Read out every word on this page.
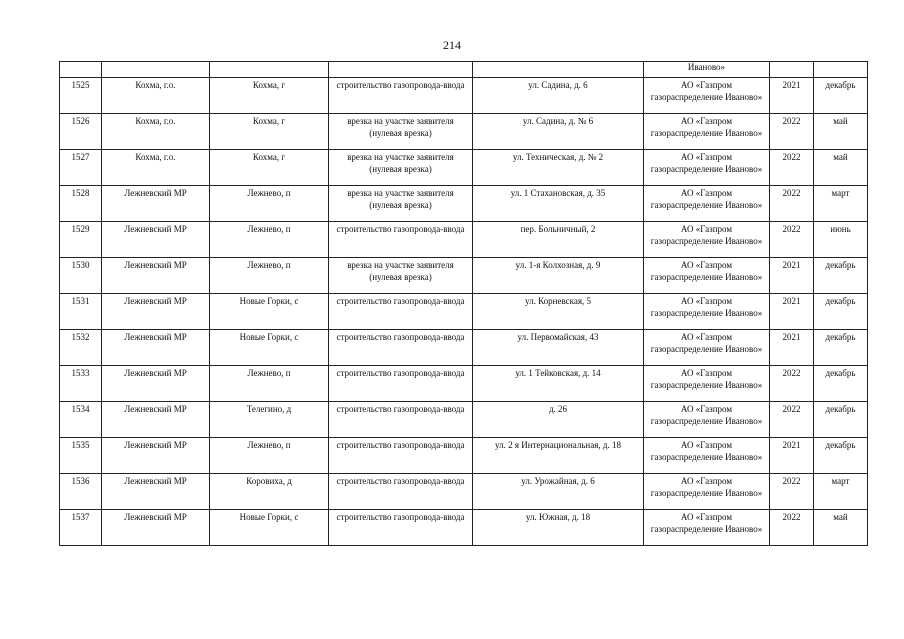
214
					Иваново»		
1525	Кохма, г.о.	Кохма, г	строительство газопровода-ввода	ул. Садина, д. 6	АО «Газпром газораспределение Иваново»	2021	декабрь
1526	Кохма, г.о.	Кохма, г	врезка на участке заявителя (нулевая врезка)	ул. Садина, д. № 6	АО «Газпром газораспределение Иваново»	2022	май
1527	Кохма, г.о.	Кохма, г	врезка на участке заявителя (нулевая врезка)	ул. Техническая, д. № 2	АО «Газпром газораспределение Иваново»	2022	май
1528	Лежневский МР	Лежнево, п	врезка на участке заявителя (нулевая врезка)	ул. 1 Стахановская, д. 35	АО «Газпром газораспределение Иваново»	2022	март
1529	Лежневский МР	Лежнево, п	строительство газопровода-ввода	пер. Больничный, 2	АО «Газпром газораспределение Иваново»	2022	июнь
1530	Лежневский МР	Лежнево, п	врезка на участке заявителя (нулевая врезка)	ул. 1-я Колхозная, д. 9	АО «Газпром газораспределение Иваново»	2021	декабрь
1531	Лежневский МР	Новые Горки, с	строительство газопровода-ввода	ул. Корневская, 5	АО «Газпром газораспределение Иваново»	2021	декабрь
1532	Лежневский МР	Новые Горки, с	строительство газопровода-ввода	ул. Первомайская, 43	АО «Газпром газораспределение Иваново»	2021	декабрь
1533	Лежневский МР	Лежнево, п	строительство газопровода-ввода	ул. 1 Тейковская, д. 14	АО «Газпром газораспределение Иваново»	2022	декабрь
1534	Лежневский МР	Телегино, д	строительство газопровода-ввода	д. 26	АО «Газпром газораспределение Иваново»	2022	декабрь
1535	Лежневский МР	Лежнево, п	строительство газопровода-ввода	ул. 2 я Интернациональная, д. 18	АО «Газпром газораспределение Иваново»	2021	декабрь
1536	Лежневский МР	Коровиха, д	строительство газопровода-ввода	ул. Урожайная, д. 6	АО «Газпром газораспределение Иваново»	2022	март
1537	Лежневский МР	Новые Горки, с	строительство газопровода-ввода	ул. Южная, д. 18	АО «Газпром газораспределение Иваново»	2022	май
